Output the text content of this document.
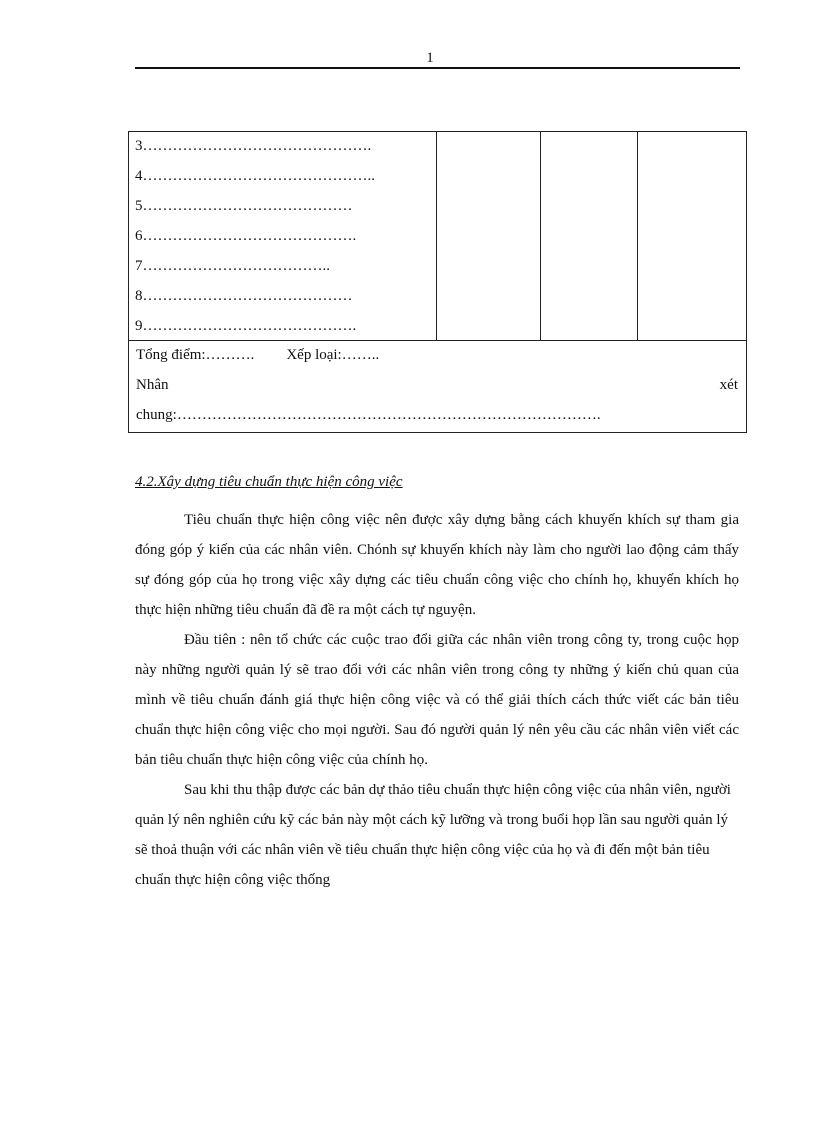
1
3……………………………………….
4………………………………………..
5……………………………………
6…………………………………….
7………………………………..
8……………………………………
9…………………………………….

Tổng điểm:………. Xếp loại:……..
Nhân	xét
chung:………………………………………………………………………….
4.2.Xây dựng tiêu chuẩn thực hiện công việc

Tiêu chuẩn thực hiện công việc nên được xây dựng bằng cách khuyến khích sự tham gia đóng góp ý kiến của các nhân viên. Chónh sự khuyến khích này làm cho người lao động cảm thấy sự đóng góp của họ trong việc xây dựng các tiêu chuẩn công việc cho chính họ, khuyến khích họ thực hiện những tiêu chuẩn đã đề ra một cách tự nguyện.

Đầu tiên : nên tổ chức các cuộc trao đổi giữa các nhân viên trong công ty, trong cuộc họp này những người quản lý sẽ trao đổi với các nhân viên trong công ty những ý kiến chủ quan của mình về tiêu chuẩn đánh giá thực hiện công việc và có thể giải thích cách thức viết các bản tiêu chuẩn thực hiện công việc cho mọi người. Sau đó người quản lý nên yêu cầu các nhân viên viết các bản tiêu chuẩn thực hiện công việc của chính họ.

Sau khi thu thập được các bản dự thảo tiêu chuẩn thực hiện công việc của nhân viên, người quản lý nên nghiên cứu kỹ các bản này một cách kỹ lưỡng và trong buổi họp lần sau người quản lý sẽ thoả thuận với các nhân viên về tiêu chuẩn thực hiện công việc của họ và đi đến một bản tiêu chuẩn thực hiện công việc thống
